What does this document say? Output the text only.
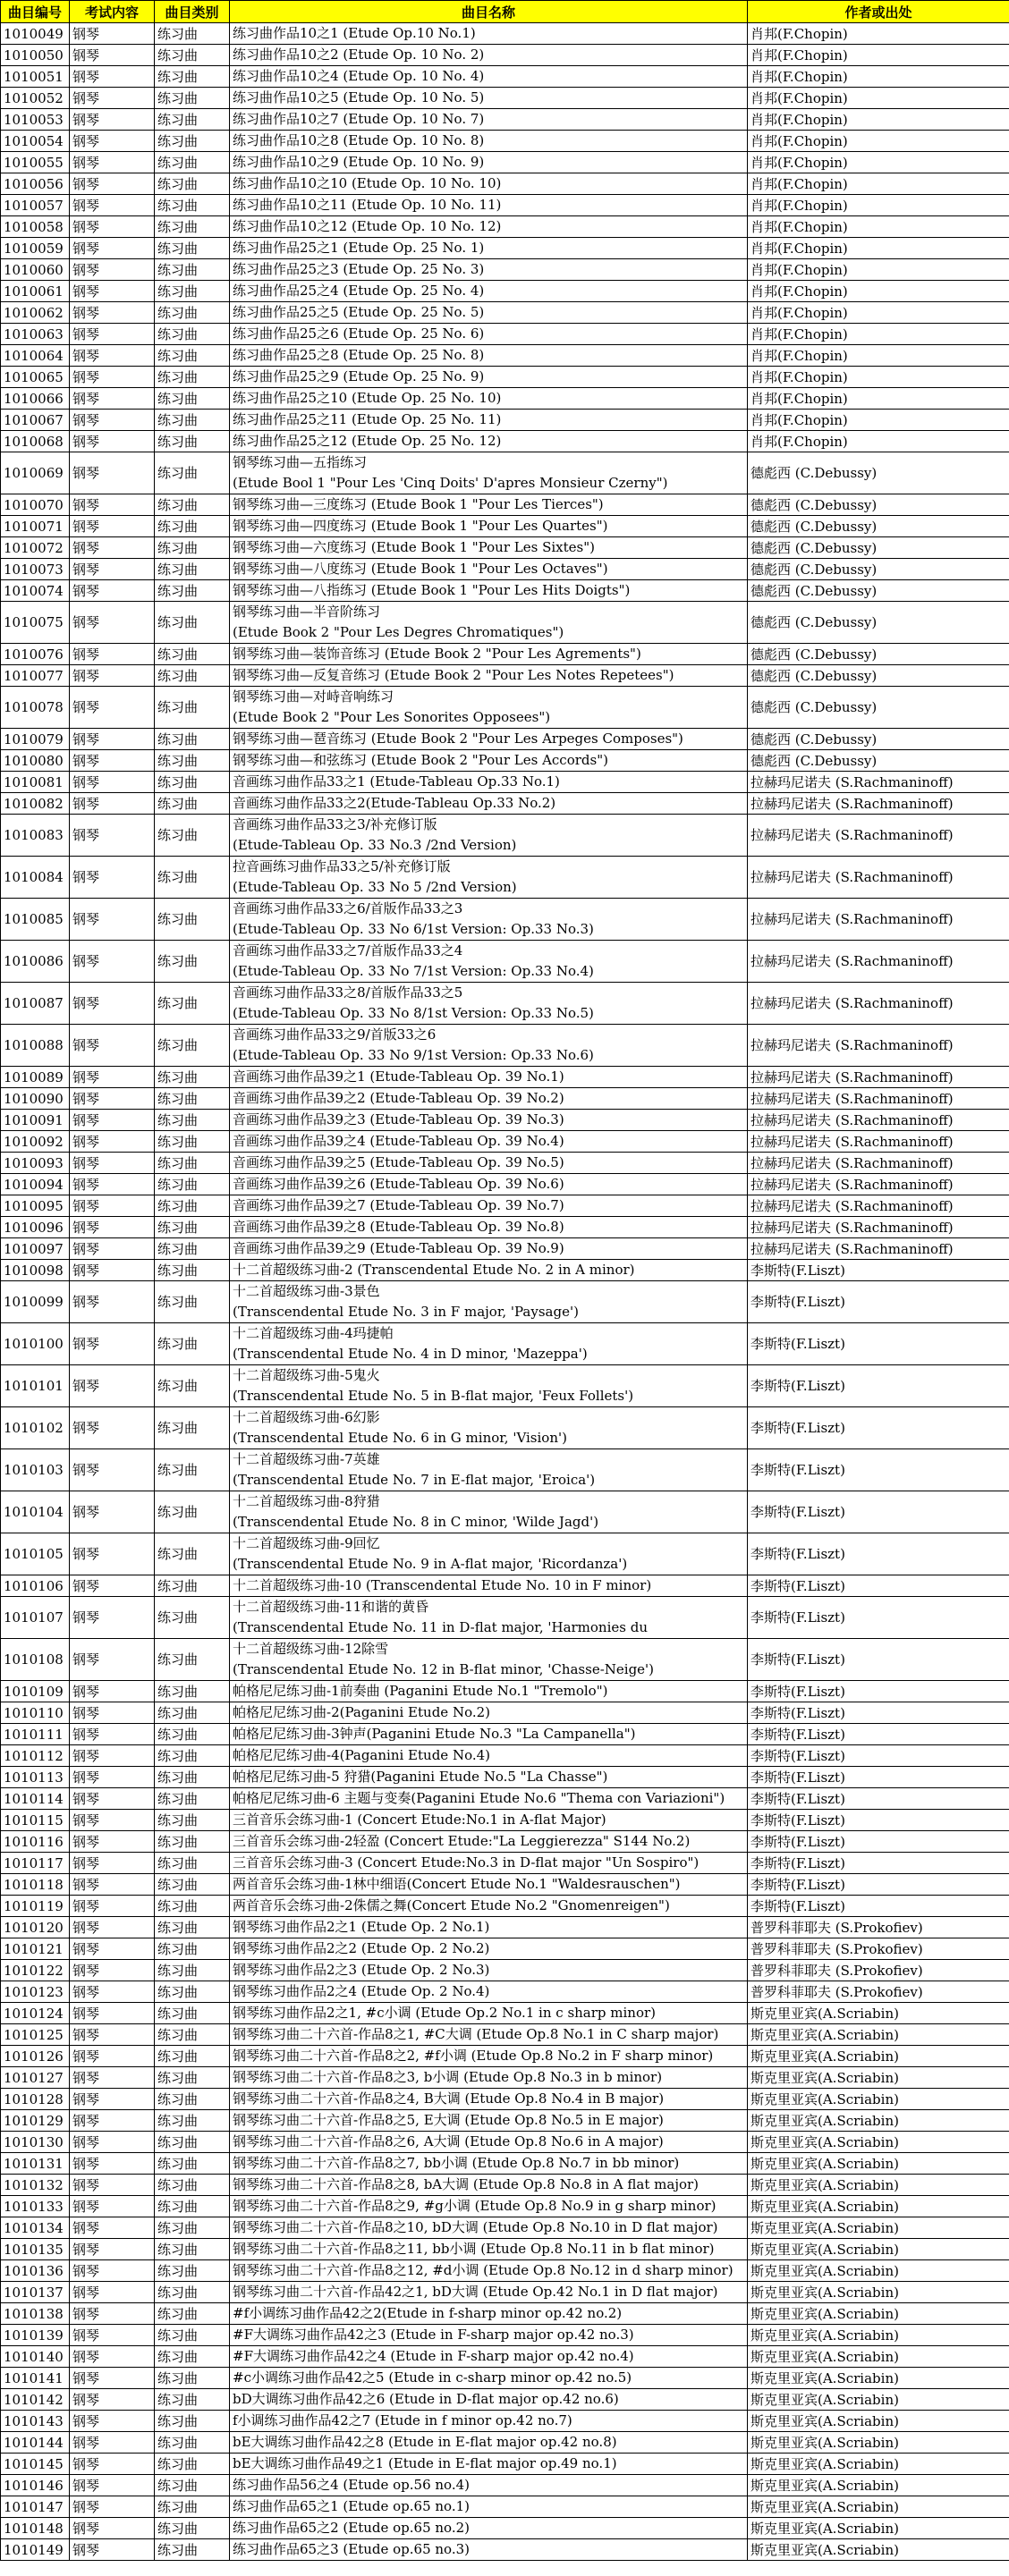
曲目编号	考试内容	曲目类别	曲目名称	作者或出处
1010049	钢琴	练习曲	练习曲作品10之1 (Etude Op.10 No.1)	肖邦(F.Chopin)
1010050	钢琴	练习曲	练习曲作品10之2 (Etude Op. 10 No. 2)	肖邦(F.Chopin)
1010051	钢琴	练习曲	练习曲作品10之4 (Etude Op. 10 No. 4)	肖邦(F.Chopin)
1010052	钢琴	练习曲	练习曲作品10之5 (Etude Op. 10 No. 5)	肖邦(F.Chopin)
1010053	钢琴	练习曲	练习曲作品10之7 (Etude Op. 10 No. 7)	肖邦(F.Chopin)
1010054	钢琴	练习曲	练习曲作品10之8 (Etude Op. 10 No. 8)	肖邦(F.Chopin)
1010055	钢琴	练习曲	练习曲作品10之9 (Etude Op. 10 No. 9)	肖邦(F.Chopin)
1010056	钢琴	练习曲	练习曲作品10之10 (Etude Op. 10 No. 10)	肖邦(F.Chopin)
1010057	钢琴	练习曲	练习曲作品10之11 (Etude Op. 10 No. 11)	肖邦(F.Chopin)
1010058	钢琴	练习曲	练习曲作品10之12 (Etude Op. 10 No. 12)	肖邦(F.Chopin)
1010059	钢琴	练习曲	练习曲作品25之1 (Etude Op. 25 No. 1)	肖邦(F.Chopin)
1010060	钢琴	练习曲	练习曲作品25之3 (Etude Op. 25 No. 3)	肖邦(F.Chopin)
1010061	钢琴	练习曲	练习曲作品25之4 (Etude Op. 25 No. 4)	肖邦(F.Chopin)
1010062	钢琴	练习曲	练习曲作品25之5 (Etude Op. 25 No. 5)	肖邦(F.Chopin)
1010063	钢琴	练习曲	练习曲作品25之6 (Etude Op. 25 No. 6)	肖邦(F.Chopin)
1010064	钢琴	练习曲	练习曲作品25之8 (Etude Op. 25 No. 8)	肖邦(F.Chopin)
1010065	钢琴	练习曲	练习曲作品25之9 (Etude Op. 25 No. 9)	肖邦(F.Chopin)
1010066	钢琴	练习曲	练习曲作品25之10 (Etude Op. 25 No. 10)	肖邦(F.Chopin)
1010067	钢琴	练习曲	练习曲作品25之11 (Etude Op. 25 No. 11)	肖邦(F.Chopin)
1010068	钢琴	练习曲	练习曲作品25之12 (Etude Op. 25 No. 12)	肖邦(F.Chopin)
1010069	钢琴	练习曲	钢琴练习曲—五指练习
(Etude Bool 1 "Pour Les 'Cinq Doits' D'apres Monsieur Czerny")	德彪西 (C.Debussy)
1010070	钢琴	练习曲	钢琴练习曲—三度练习 (Etude Book 1 "Pour Les Tierces")	德彪西 (C.Debussy)
1010071	钢琴	练习曲	钢琴练习曲—四度练习 (Etude Book 1 "Pour Les Quartes")	德彪西 (C.Debussy)
1010072	钢琴	练习曲	钢琴练习曲—六度练习 (Etude Book 1 "Pour Les Sixtes")	德彪西 (C.Debussy)
1010073	钢琴	练习曲	钢琴练习曲—八度练习 (Etude Book 1 "Pour Les Octaves")	德彪西 (C.Debussy)
1010074	钢琴	练习曲	钢琴练习曲—八指练习 (Etude Book 1 "Pour Les Hits Doigts")	德彪西 (C.Debussy)
1010075	钢琴	练习曲	钢琴练习曲—半音阶练习
(Etude Book 2 "Pour Les Degres Chromatiques")	德彪西 (C.Debussy)
1010076	钢琴	练习曲	钢琴练习曲—装饰音练习 (Etude Book 2 "Pour Les Agrements")	德彪西 (C.Debussy)
1010077	钢琴	练习曲	钢琴练习曲—反复音练习 (Etude Book 2 "Pour Les Notes Repetees")	德彪西 (C.Debussy)
1010078	钢琴	练习曲	钢琴练习曲—对峙音响练习
(Etude Book 2 "Pour Les Sonorites Opposees")	德彪西 (C.Debussy)
1010079	钢琴	练习曲	钢琴练习曲—琶音练习 (Etude Book 2 "Pour Les Arpeges Composes")	德彪西 (C.Debussy)
1010080	钢琴	练习曲	钢琴练习曲—和弦练习 (Etude Book 2 "Pour Les Accords")	德彪西 (C.Debussy)
1010081	钢琴	练习曲	音画练习曲作品33之1 (Etude-Tableau Op.33 No.1)	拉赫玛尼诺夫 (S.Rachmaninoff)
1010082	钢琴	练习曲	音画练习曲作品33之2(Etude-Tableau Op.33 No.2)	拉赫玛尼诺夫 (S.Rachmaninoff)
1010083	钢琴	练习曲	音画练习曲作品33之3/补充修订版
(Etude-Tableau Op. 33 No.3 /2nd Version)	拉赫玛尼诺夫 (S.Rachmaninoff)
1010084	钢琴	练习曲	拉音画练习曲作品33之5/补充修订版
(Etude-Tableau Op. 33 No 5 /2nd Version)	拉赫玛尼诺夫 (S.Rachmaninoff)
1010085	钢琴	练习曲	音画练习曲作品33之6/首版作品33之3
(Etude-Tableau Op. 33 No 6/1st Version: Op.33 No.3)	拉赫玛尼诺夫 (S.Rachmaninoff)
1010086	钢琴	练习曲	音画练习曲作品33之7/首版作品33之4
(Etude-Tableau Op. 33 No 7/1st Version: Op.33 No.4)	拉赫玛尼诺夫 (S.Rachmaninoff)
1010087	钢琴	练习曲	音画练习曲作品33之8/首版作品33之5
(Etude-Tableau Op. 33 No 8/1st Version: Op.33 No.5)	拉赫玛尼诺夫 (S.Rachmaninoff)
1010088	钢琴	练习曲	音画练习曲作品33之9/首版33之6
(Etude-Tableau Op. 33 No 9/1st Version: Op.33 No.6)	拉赫玛尼诺夫 (S.Rachmaninoff)
1010089	钢琴	练习曲	音画练习曲作品39之1 (Etude-Tableau Op. 39 No.1)	拉赫玛尼诺夫 (S.Rachmaninoff)
1010090	钢琴	练习曲	音画练习曲作品39之2 (Etude-Tableau Op. 39 No.2)	拉赫玛尼诺夫 (S.Rachmaninoff)
1010091	钢琴	练习曲	音画练习曲作品39之3 (Etude-Tableau Op. 39 No.3)	拉赫玛尼诺夫 (S.Rachmaninoff)
1010092	钢琴	练习曲	音画练习曲作品39之4 (Etude-Tableau Op. 39 No.4)	拉赫玛尼诺夫 (S.Rachmaninoff)
1010093	钢琴	练习曲	音画练习曲作品39之5 (Etude-Tableau Op. 39 No.5)	拉赫玛尼诺夫 (S.Rachmaninoff)
1010094	钢琴	练习曲	音画练习曲作品39之6 (Etude-Tableau Op. 39 No.6)	拉赫玛尼诺夫 (S.Rachmaninoff)
1010095	钢琴	练习曲	音画练习曲作品39之7 (Etude-Tableau Op. 39 No.7)	拉赫玛尼诺夫 (S.Rachmaninoff)
1010096	钢琴	练习曲	音画练习曲作品39之8 (Etude-Tableau Op. 39 No.8)	拉赫玛尼诺夫 (S.Rachmaninoff)
1010097	钢琴	练习曲	音画练习曲作品39之9 (Etude-Tableau Op. 39 No.9)	拉赫玛尼诺夫 (S.Rachmaninoff)
1010098	钢琴	练习曲	十二首超级练习曲-2 (Transcendental Etude No. 2 in A minor)	李斯特(F.Liszt)
1010099	钢琴	练习曲	十二首超级练习曲-3景色
(Transcendental Etude No. 3 in F major, 'Paysage')	李斯特(F.Liszt)
1010100	钢琴	练习曲	十二首超级练习曲-4玛捷帕
(Transcendental Etude No. 4 in D minor, 'Mazeppa')	李斯特(F.Liszt)
1010101	钢琴	练习曲	十二首超级练习曲-5鬼火
(Transcendental Etude No. 5 in B-flat major, 'Feux Follets')	李斯特(F.Liszt)
1010102	钢琴	练习曲	十二首超级练习曲-6幻影
(Transcendental Etude No. 6 in G minor, 'Vision')	李斯特(F.Liszt)
1010103	钢琴	练习曲	十二首超级练习曲-7英雄
(Transcendental Etude No. 7 in E-flat major, 'Eroica')	李斯特(F.Liszt)
1010104	钢琴	练习曲	十二首超级练习曲-8狩猎
(Transcendental Etude No. 8 in C minor, 'Wilde Jagd')	李斯特(F.Liszt)
1010105	钢琴	练习曲	十二首超级练习曲-9回忆
(Transcendental Etude No. 9 in A-flat major, 'Ricordanza')	李斯特(F.Liszt)
1010106	钢琴	练习曲	十二首超级练习曲-10 (Transcendental Etude No. 10 in F minor)	李斯特(F.Liszt)
1010107	钢琴	练习曲	十二首超级练习曲-11和谐的黄昏
(Transcendental Etude No. 11 in D-flat major, 'Harmonies du	李斯特(F.Liszt)
1010108	钢琴	练习曲	十二首超级练习曲-12除雪
(Transcendental Etude No. 12 in B-flat minor, 'Chasse-Neige')	李斯特(F.Liszt)
1010109	钢琴	练习曲	帕格尼尼练习曲-1前奏曲 (Paganini Etude No.1 "Tremolo")	李斯特(F.Liszt)
1010110	钢琴	练习曲	帕格尼尼练习曲-2(Paganini Etude No.2)	李斯特(F.Liszt)
1010111	钢琴	练习曲	帕格尼尼练习曲-3钟声(Paganini Etude No.3 "La Campanella")	李斯特(F.Liszt)
1010112	钢琴	练习曲	帕格尼尼练习曲-4(Paganini Etude No.4)	李斯特(F.Liszt)
1010113	钢琴	练习曲	帕格尼尼练习曲-5 狩猎(Paganini Etude No.5 "La Chasse")	李斯特(F.Liszt)
1010114	钢琴	练习曲	帕格尼尼练习曲-6 主题与变奏(Paganini Etude No.6 "Thema con Variazioni")	李斯特(F.Liszt)
1010115	钢琴	练习曲	三首音乐会练习曲-1 (Concert Etude:No.1 in A-flat Major)	李斯特(F.Liszt)
1010116	钢琴	练习曲	三首音乐会练习曲-2轻盈 (Concert Etude:"La Leggierezza" S144 No.2)	李斯特(F.Liszt)
1010117	钢琴	练习曲	三首音乐会练习曲-3 (Concert Etude:No.3 in D-flat major "Un Sospiro")	李斯特(F.Liszt)
1010118	钢琴	练习曲	两首音乐会练习曲-1林中细语(Concert Etude No.1 "Waldesrauschen")	李斯特(F.Liszt)
1010119	钢琴	练习曲	两首音乐会练习曲-2侏儒之舞(Concert Etude No.2 "Gnomenreigen")	李斯特(F.Liszt)
1010120	钢琴	练习曲	钢琴练习曲作品2之1 (Etude Op. 2 No.1)	普罗科菲耶夫 (S.Prokofiev)
1010121	钢琴	练习曲	钢琴练习曲作品2之2 (Etude Op. 2 No.2)	普罗科菲耶夫 (S.Prokofiev)
1010122	钢琴	练习曲	钢琴练习曲作品2之3 (Etude Op. 2 No.3)	普罗科菲耶夫 (S.Prokofiev)
1010123	钢琴	练习曲	钢琴练习曲作品2之4 (Etude Op. 2 No.4)	普罗科菲耶夫 (S.Prokofiev)
1010124	钢琴	练习曲	钢琴练习曲作品2之1, #c小调 (Etude Op.2 No.1 in c sharp minor)	斯克里亚宾(A.Scriabin)
1010125	钢琴	练习曲	钢琴练习曲二十六首-作品8之1, #C大调 (Etude Op.8 No.1 in C sharp major)	斯克里亚宾(A.Scriabin)
1010126	钢琴	练习曲	钢琴练习曲二十六首-作品8之2, #f小调 (Etude Op.8 No.2 in F sharp minor)	斯克里亚宾(A.Scriabin)
1010127	钢琴	练习曲	钢琴练习曲二十六首-作品8之3, b小调 (Etude Op.8 No.3 in b minor)	斯克里亚宾(A.Scriabin)
1010128	钢琴	练习曲	钢琴练习曲二十六首-作品8之4, B大调 (Etude Op.8 No.4 in B major)	斯克里亚宾(A.Scriabin)
1010129	钢琴	练习曲	钢琴练习曲二十六首-作品8之5, E大调 (Etude Op.8 No.5 in E major)	斯克里亚宾(A.Scriabin)
1010130	钢琴	练习曲	钢琴练习曲二十六首-作品8之6, A大调 (Etude Op.8 No.6 in A major)	斯克里亚宾(A.Scriabin)
1010131	钢琴	练习曲	钢琴练习曲二十六首-作品8之7, bb小调 (Etude Op.8 No.7 in bb minor)	斯克里亚宾(A.Scriabin)
1010132	钢琴	练习曲	钢琴练习曲二十六首-作品8之8, bA大调 (Etude Op.8 No.8 in A flat major)	斯克里亚宾(A.Scriabin)
1010133	钢琴	练习曲	钢琴练习曲二十六首-作品8之9, #g小调 (Etude Op.8 No.9 in g sharp minor)	斯克里亚宾(A.Scriabin)
1010134	钢琴	练习曲	钢琴练习曲二十六首-作品8之10, bD大调 (Etude Op.8 No.10 in D flat major)	斯克里亚宾(A.Scriabin)
1010135	钢琴	练习曲	钢琴练习曲二十六首-作品8之11, bb小调 (Etude Op.8 No.11 in b flat minor)	斯克里亚宾(A.Scriabin)
1010136	钢琴	练习曲	钢琴练习曲二十六首-作品8之12, #d小调 (Etude Op.8 No.12 in d sharp minor)	斯克里亚宾(A.Scriabin)
1010137	钢琴	练习曲	钢琴练习曲二十六首-作品42之1, bD大调 (Etude Op.42 No.1 in D flat major)	斯克里亚宾(A.Scriabin)
1010138	钢琴	练习曲	#f小调练习曲作品42之2(Etude in f-sharp minor op.42 no.2)	斯克里亚宾(A.Scriabin)
1010139	钢琴	练习曲	#F大调练习曲作品42之3 (Etude in F-sharp major op.42 no.3)	斯克里亚宾(A.Scriabin)
1010140	钢琴	练习曲	#F大调练习曲作品42之4 (Etude in F-sharp major op.42 no.4)	斯克里亚宾(A.Scriabin)
1010141	钢琴	练习曲	#c小调练习曲作品42之5 (Etude in c-sharp minor op.42 no.5)	斯克里亚宾(A.Scriabin)
1010142	钢琴	练习曲	bD大调练习曲作品42之6 (Etude in D-flat major op.42 no.6)	斯克里亚宾(A.Scriabin)
1010143	钢琴	练习曲	f小调练习曲作品42之7 (Etude in f minor op.42 no.7)	斯克里亚宾(A.Scriabin)
1010144	钢琴	练习曲	bE大调练习曲作品42之8 (Etude in E-flat major op.42 no.8)	斯克里亚宾(A.Scriabin)
1010145	钢琴	练习曲	bE大调练习曲作品49之1 (Etude in E-flat major op.49 no.1)	斯克里亚宾(A.Scriabin)
1010146	钢琴	练习曲	练习曲作品56之4 (Etude op.56 no.4)	斯克里亚宾(A.Scriabin)
1010147	钢琴	练习曲	练习曲作品65之1 (Etude op.65 no.1)	斯克里亚宾(A.Scriabin)
1010148	钢琴	练习曲	练习曲作品65之2 (Etude op.65 no.2)	斯克里亚宾(A.Scriabin)
1010149	钢琴	练习曲	练习曲作品65之3 (Etude op.65 no.3)	斯克里亚宾(A.Scriabin)
